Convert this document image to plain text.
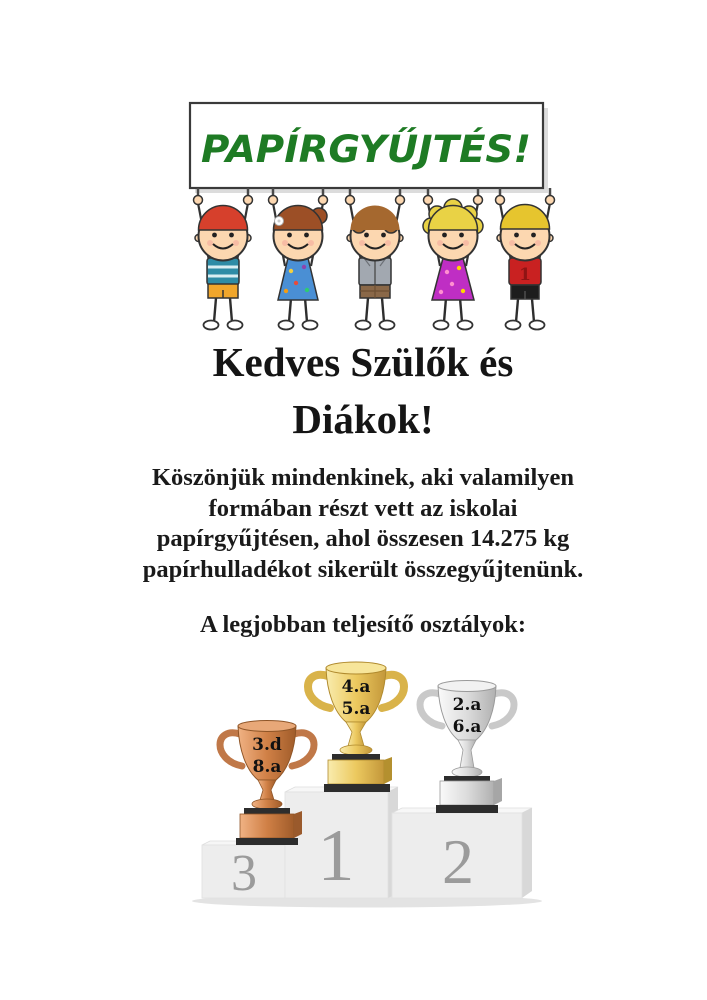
PAPÍRGYŰJTÉS!
1
Kedves Szülők és
Diákok!
Köszönjük mindenkinek, aki valamilyen
formában részt vett az iskolai
papírgyűjtésen, ahol összesen 14.275 kg
papírhulladékot sikerült összegyűjtenünk.
A legjobban teljesítő osztályok:
3 1 2
3.d
8.a
4.a
5.a	2.a
6.a
